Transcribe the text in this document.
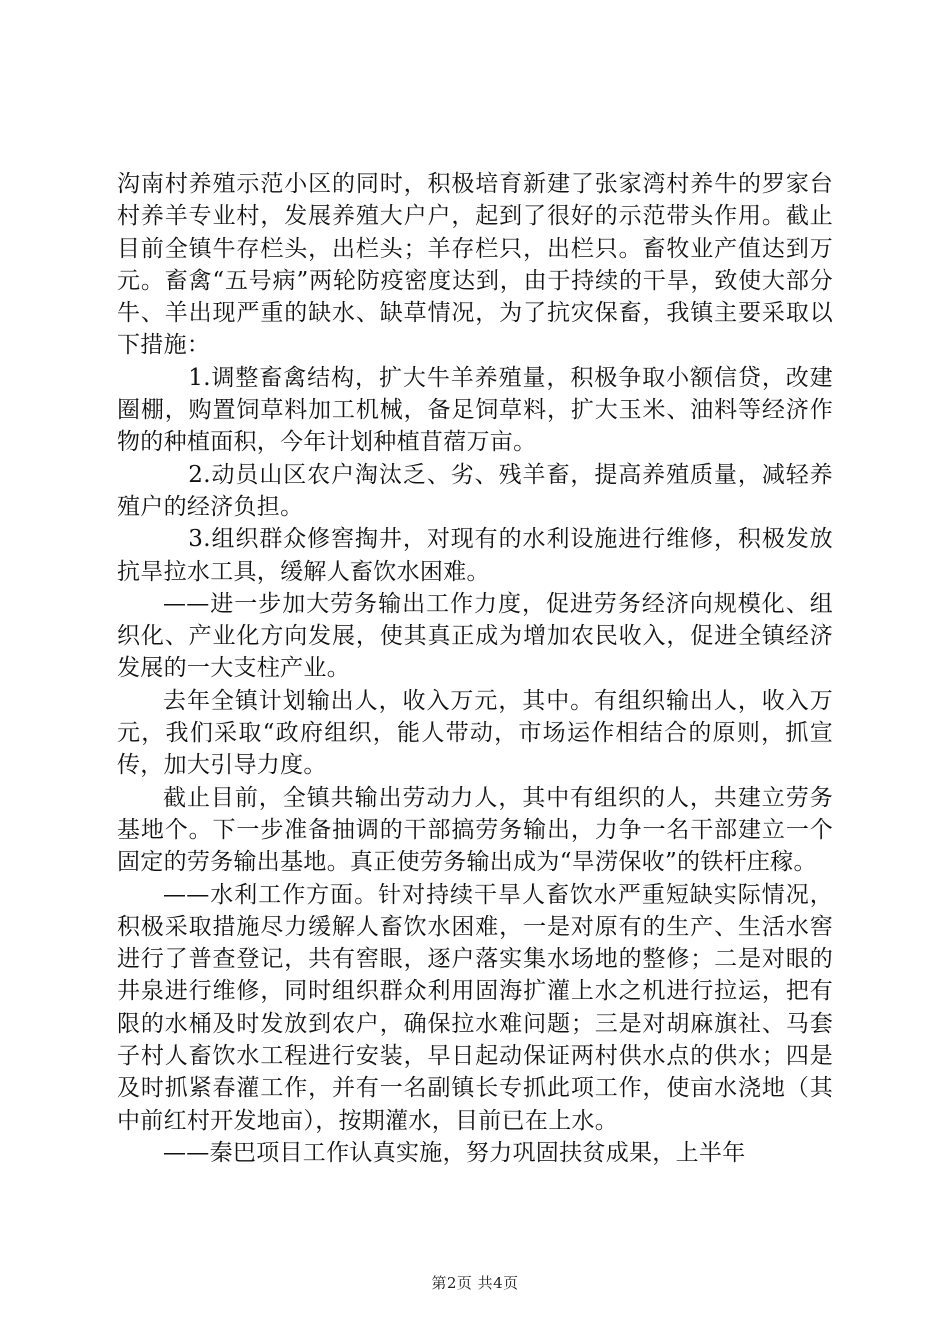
沟南村养殖示范小区的同时，积极培育新建了张家湾村养牛的罗家台村养羊专业村，发展养殖大户户，起到了很好的示范带头作用。截止目前全镇牛存栏头，出栏头；羊存栏只，出栏只。畜牧业产值达到万元。畜禽“五号病”两轮防疫密度达到，由于持续的干旱，致使大部分牛、羊出现严重的缺水、缺草情况，为了抗灾保畜，我镇主要采取以下措施：

1.调整畜禽结构，扩大牛羊养殖量，积极争取小额信贷，改建圈棚，购置饲草料加工机械，备足饲草料，扩大玉米、油料等经济作物的种植面积，今年计划种植苜蓿万亩。

2.动员山区农户淘汰乏、劣、残羊畜，提高养殖质量，减轻养殖户的经济负担。

3.组织群众修窖掏井，对现有的水利设施进行维修，积极发放抗旱拉水工具，缓解人畜饮水困难。

——进一步加大劳务输出工作力度，促进劳务经济向规模化、组织化、产业化方向发展，使其真正成为增加农民收入，促进全镇经济发展的一大支柱产业。

去年全镇计划输出人，收入万元，其中。有组织输出人，收入万元，我们采取“政府组织，能人带动，市场运作相结合的原则，抓宣传，加大引导力度。

截止目前，全镇共输出劳动力人，其中有组织的人，共建立劳务基地个。下一步准备抽调的干部搞劳务输出，力争一名干部建立一个固定的劳务输出基地。真正使劳务输出成为“旱涝保收”的铁杆庄稼。

——水利工作方面。针对持续干旱人畜饮水严重短缺实际情况，积极采取措施尽力缓解人畜饮水困难，一是对原有的生产、生活水窖进行了普查登记，共有窖眼，逐户落实集水场地的整修；二是对眼的井泉进行维修，同时组织群众利用固海扩灌上水之机进行拉运，把有限的水桶及时发放到农户，确保拉水难问题；三是对胡麻旗社、马套子村人畜饮水工程进行安装，早日起动保证两村供水点的供水；四是及时抓紧春灌工作，并有一名副镇长专抓此项工作，使亩水浇地（其中前红村开发地亩），按期灌水，目前已在上水。

——秦巴项目工作认真实施，努力巩固扶贫成果，上半年

第2页 共4页
